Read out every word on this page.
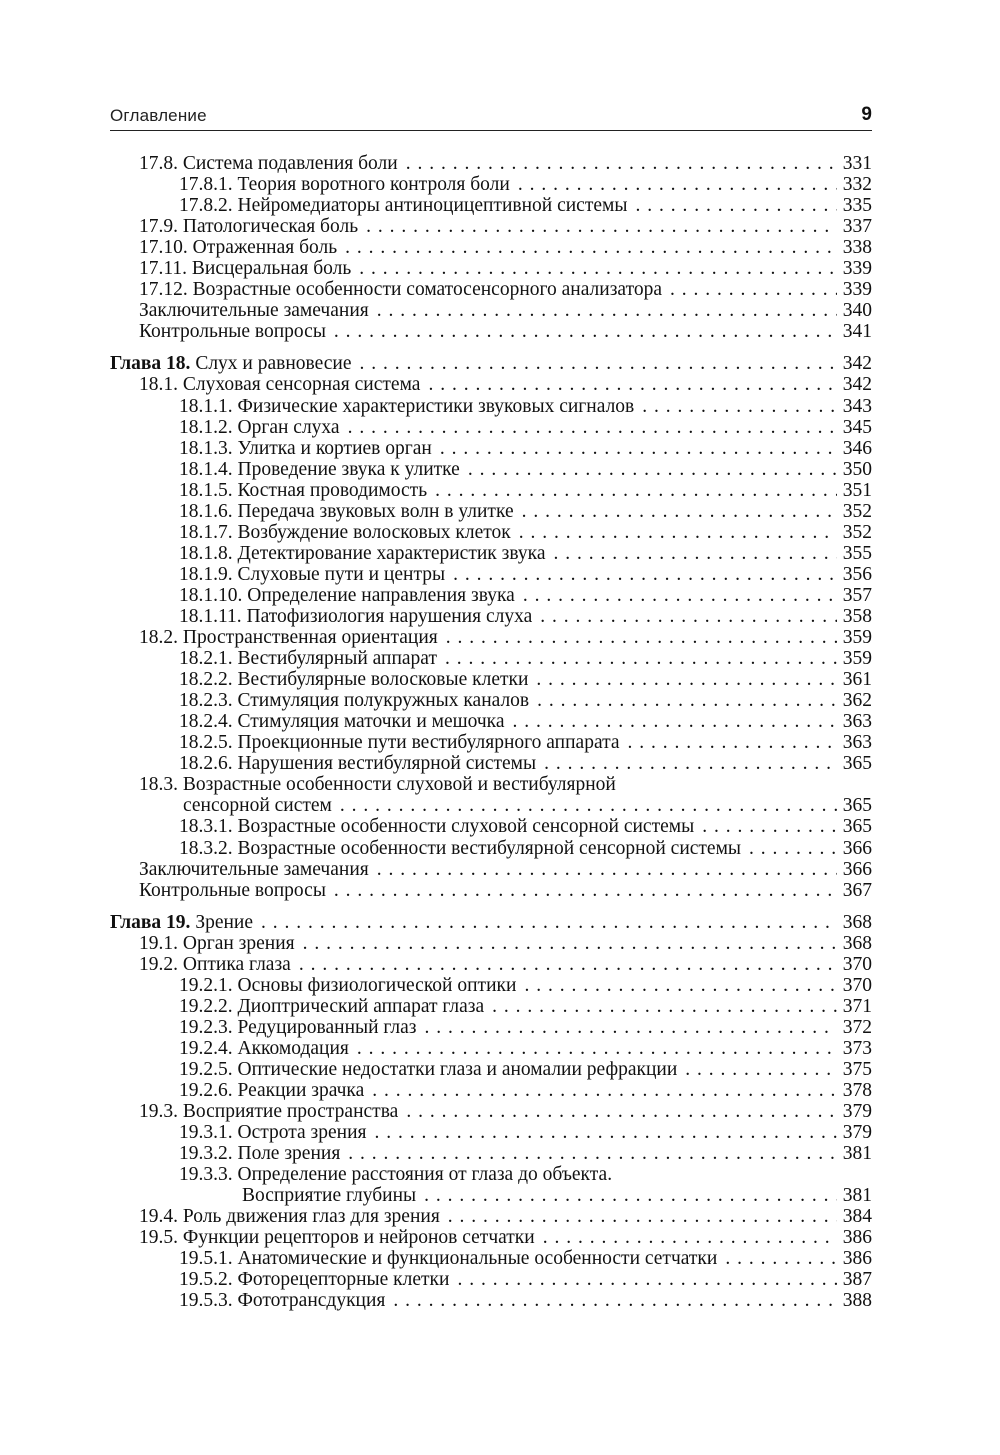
Оглавление	9
17.8. Система подавления боли . . .	331
17.8.1. Теория воротного контроля боли . . .	332
17.8.2. Нейромедиаторы антиноцицептивной системы . . .	335
17.9. Патологическая боль . . .	337
17.10. Отраженная боль . . .	338
17.11. Висцеральная боль . . .	339
17.12. Возрастные особенности соматосенсорного анализатора . . .	339
Заключительные замечания . . .	340
Контрольные вопросы . . .	341
Глава 18. Слух и равновесие . . .	342
18.1. Слуховая сенсорная система . . .	342
18.1.1. Физические характеристики звуковых сигналов . . .	343
18.1.2. Орган слуха . . .	345
18.1.3. Улитка и кортиев орган . . .	346
18.1.4. Проведение звука к улитке . . .	350
18.1.5. Костная проводимость . . .	351
18.1.6. Передача звуковых волн в улитке . . .	352
18.1.7. Возбуждение волосковых клеток . . .	352
18.1.8. Детектирование характеристик звука . . .	355
18.1.9. Слуховые пути и центры . . .	356
18.1.10. Определение направления звука . . .	357
18.1.11. Патофизиология нарушения слуха . . .	358
18.2. Пространственная ориентация . . .	359
18.2.1. Вестибулярный аппарат . . .	359
18.2.2. Вестибулярные волосковые клетки . . .	361
18.2.3. Стимуляция полукружных каналов . . .	362
18.2.4. Стимуляция маточки и мешочка . . .	363
18.2.5. Проекционные пути вестибулярного аппарата . . .	363
18.2.6. Нарушения вестибулярной системы . . .	365
18.3. Возрастные особенности слуховой и вестибулярной
сенсорной систем . . .	365
18.3.1. Возрастные особенности слуховой сенсорной системы . . .	365
18.3.2. Возрастные особенности вестибулярной сенсорной системы . . .	366
Заключительные замечания . . .	366
Контрольные вопросы . . .	367
Глава 19. Зрение . . .	368
19.1. Орган зрения . . .	368
19.2. Оптика глаза . . .	370
19.2.1. Основы физиологической оптики . . .	370
19.2.2. Диоптрический аппарат глаза . . .	371
19.2.3. Редуцированный глаз . . .	372
19.2.4. Аккомодация . . .	373
19.2.5. Оптические недостатки глаза и аномалии рефракции . . .	375
19.2.6. Реакции зрачка . . .	378
19.3. Восприятие пространства . . .	379
19.3.1. Острота зрения . . .	379
19.3.2. Поле зрения . . .	381
19.3.3. Определение расстояния от глаза до объекта.
Восприятие глубины . . .	381
19.4. Роль движения глаз для зрения . . .	384
19.5. Функции рецепторов и нейронов сетчатки . . .	386
19.5.1. Анатомические и функциональные особенности сетчатки . . .	386
19.5.2. Фоторецепторные клетки . . .	387
19.5.3. Фототрансдукция . . .	388
